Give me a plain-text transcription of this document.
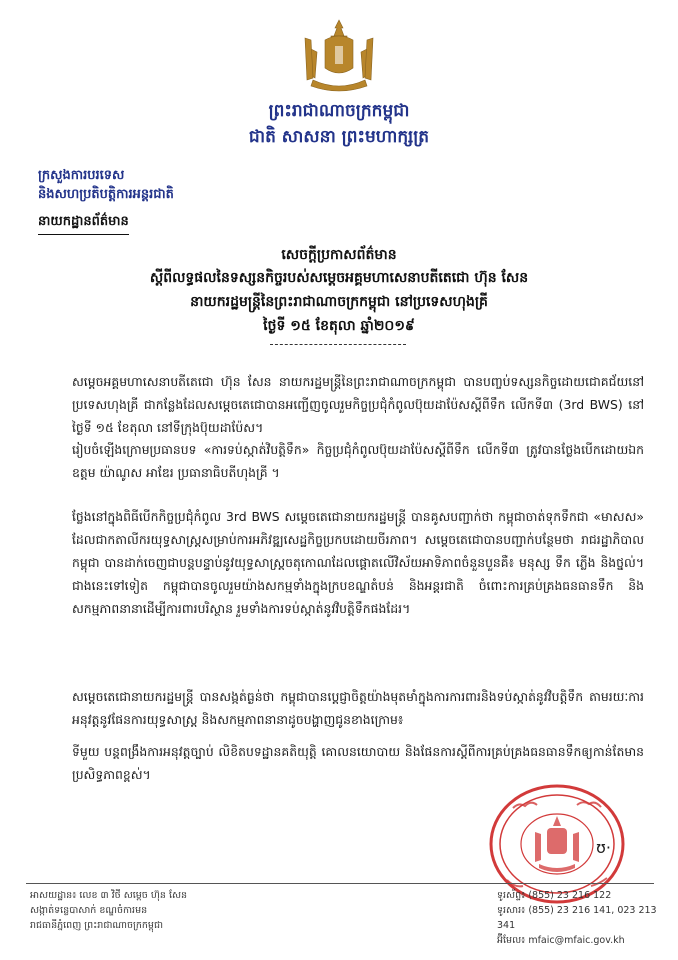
ព្រះរាជាណាចក្រកម្ពុជា
ជាតិ សាសនា ព្រះមហាក្សត្រ
ក្រសួងការបរទេស
និងសហប្រតិបត្តិការអន្តរជាតិ
នាយកដ្ឋានព័ត៌មាន
សេចក្តីប្រកាសព័ត៌មាន
ស្តីពីលទ្ធផលនៃទស្សនកិច្ចរបស់សម្តេចអគ្គមហាសេនាបតីតេជោ ហ៊ុន សែន
នាយករដ្ឋមន្ត្រីនៃព្រះរាជាណាចក្រកម្ពុជា នៅប្រទេសហុងគ្រី
ថ្ងៃទី ១៥ ខែតុលា ឆ្នាំ២០១៩
សម្តេចអគ្គមហាសេនាបតីតេជោ ហ៊ុន សែន នាយករដ្ឋមន្ត្រីនៃព្រះរាជាណាចក្រកម្ពុជា បានបញ្ចប់ទស្សនកិច្ចដោយជោគជ័យនៅប្រទេសហុងគ្រី ជាកន្លែងដែលសម្តេចតេជោបានអញ្ជើញចូលរួមកិច្ចប្រជុំកំពូលប៊ុយដាប៉ែសស្តីពីទឹក លើកទី៣ (3rd BWS) នៅថ្ងៃទី ១៥ ខែតុលា នៅទីក្រុងប៊ុយដាប៉ែស។
រៀបចំឡើងក្រោមប្រធានបទ «ការទប់ស្កាត់វិបត្តិទឹក» កិច្ចប្រជុំកំពូលប៊ុយដាប៉ែសស្តីពីទឹក លើកទី៣ ត្រូវបានថ្លែងបើកដោយឯកឧត្តម យ៉ាណូស អាឌែរ ប្រធានាធិបតីហុងគ្រី ។
ថ្លែងនៅក្នុងពិធីបើកកិច្ចប្រជុំកំពូល 3rd BWS សម្តេចតេជោនាយករដ្ឋមន្ត្រី បានគូសបញ្ជាក់ថា កម្ពុជាចាត់ទុកទឹកជា «មាសស» ដែលជាកតាលីករយុទ្ធសាស្ត្រសម្រាប់ការអភិវឌ្ឍសេដ្ឋកិច្ចប្រកបដោយចីរភាព។ សម្តេចតេជោបានបញ្ជាក់បន្ថែមថា រាជរដ្ឋាភិបាលកម្ពុជា បានដាក់ចេញជាបន្តបន្ទាប់នូវយុទ្ធសាស្ត្រចតុកោណដែលផ្តោតលើវិស័យអាទិភាពចំនួនបួនគឺ៖ មនុស្ស ទឹក ភ្លើង និងថ្នល់។ ជាងនេះទៅទៀត កម្ពុជាបានចូលរួមយ៉ាងសកម្មទាំងក្នុងក្របខណ្ឌតំបន់ និងអន្តរជាតិ ចំពោះការគ្រប់គ្រងធនធានទឹក និងសកម្មភាពនានាដើម្បីការពារបរិស្ថាន រួមទាំងការទប់ស្កាត់នូវវិបត្តិទឹកផងដែរ។
សម្តេចតេជោនាយករដ្ឋមន្ត្រី បានសង្កត់ធ្ងន់ថា កម្ពុជាបានប្តេជ្ញាចិត្តយ៉ាងមុតមាំក្នុងការការពារនិងទប់ស្កាត់នូវវិបត្តិទឹក តាមរយៈការអនុវត្តនូវផែនការយុទ្ធសាស្ត្រ និងសកម្មភាពនានាដូចបង្ហាញជូនខាងក្រោម៖
ទីមួយ បន្តពង្រឹងការអនុវត្តច្បាប់ លិខិតបទដ្ឋានគតិយុត្តិ គោលនយោបាយ និងផែនការស្តីពីការគ្រប់គ្រងធនធានទឹកឲ្យកាន់តែមានប្រសិទ្ធភាពខ្ពស់។
ʊ·
អាសយដ្ឋាន៖ លេខ ៣ វិថី សម្តេច ហ៊ុន សែន
សង្កាត់ទន្លេបាសាក់ ខណ្ឌចំការមន
រាជធានីភ្នំពេញ ព្រះរាជាណាចក្រកម្ពុជា
ទូរស័ព្ទ៖ (855) 23 216 122
ទូរសារ៖ (855) 23 216 141, 023 213 341
អ៊ីមែល៖ mfaic@mfaic.gov.kh
